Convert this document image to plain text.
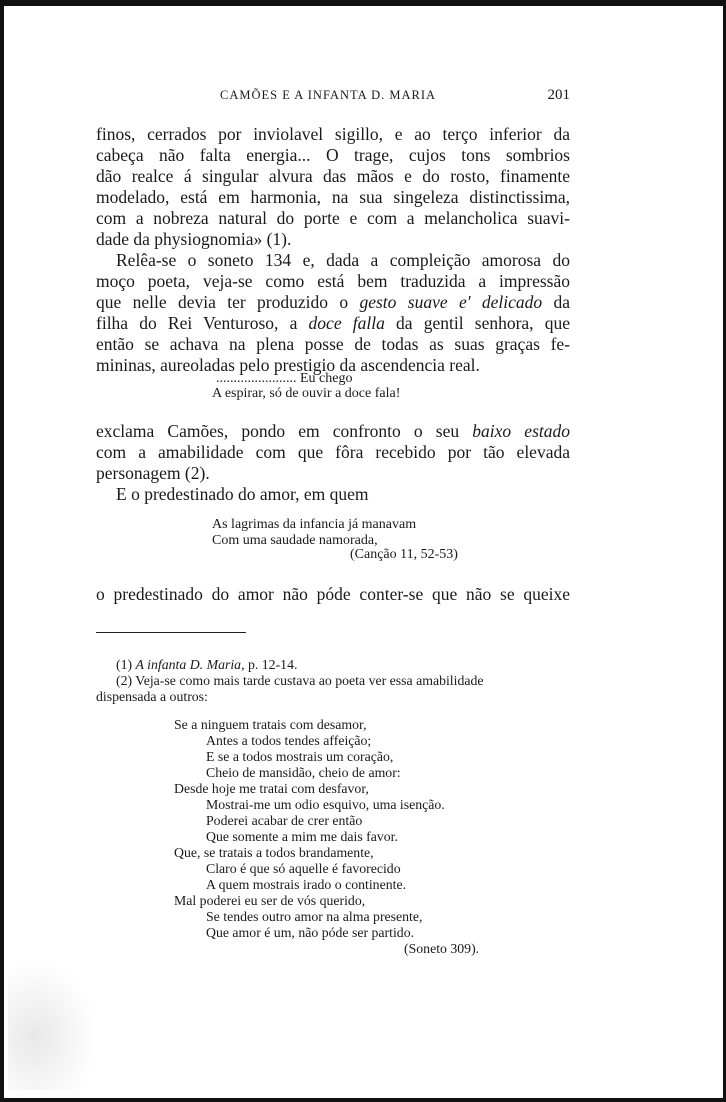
CAMÕES E A INFANTA D. MARIA	201
finos, cerrados por inviolavel sigillo, e ao terço inferior da
cabeça não falta energia... O trage, cujos tons sombrios
dão realce á singular alvura das mãos e do rosto, finamente
modelado, está em harmonia, na sua singeleza distinctissima,
com a nobreza natural do porte e com a melancholica suavi-
dade da physiognomia» (1).
Relêa-se o soneto 134 e, dada a compleição amorosa do
moço poeta, veja-se como está bem traduzida a impressão
que nelle devia ter produzido o gesto suave e' delicado da
filha do Rei Venturoso, a doce falla da gentil senhora, que
então se achava na plena posse de todas as suas graças fe-
mininas, aureoladas pelo prestigio da ascendencia real.
....................... Eu chego
A espirar, só de ouvir a doce fala!
exclama Camões, pondo em confronto o seu baixo estado
com a amabilidade com que fôra recebido por tão elevada
personagem (2).
E o predestinado do amor, em quem
As lagrimas da infancia já manavam
Com uma saudade namorada,
(Canção 11, 52-53)
o predestinado do amor não póde conter-se que não se queixe
(1) A infanta D. Maria, p. 12-14.
(2) Veja-se como mais tarde custava ao poeta ver essa amabilidade
dispensada a outros:
Se a ninguem tratais com desamor,
Antes a todos tendes affeição;
E se a todos mostrais um coração,
Cheio de mansidão, cheio de amor:
Desde hoje me tratai com desfavor,
Mostrai-me um odio esquivo, uma isenção.
Poderei acabar de crer então
Que somente a mim me dais favor.
Que, se tratais a todos brandamente,
Claro é que só aquelle é favorecido
A quem mostrais irado o continente.
Mal poderei eu ser de vós querido,
Se tendes outro amor na alma presente,
Que amor é um, não póde ser partido.
(Soneto 309).
